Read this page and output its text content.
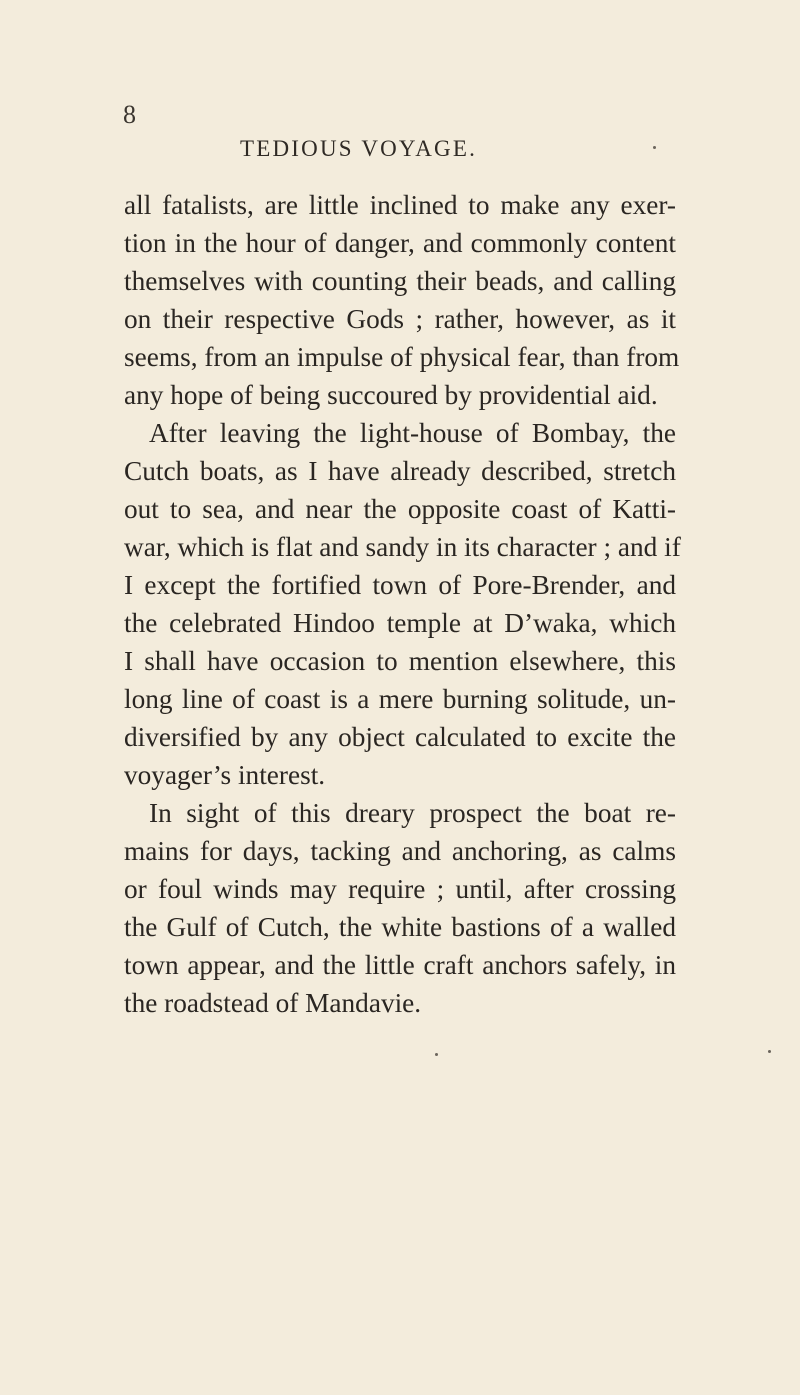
8
TEDIOUS VOYAGE.
all fatalists, are little inclined to make any exer-
tion in the hour of danger, and commonly content
themselves with counting their beads, and calling
on their respective Gods ; rather, however, as it
seems, from an impulse of physical fear, than from
any hope of being succoured by providential aid.
After leaving the light-house of Bombay, the
Cutch boats, as I have already described, stretch
out to sea, and near the opposite coast of Katti-
war, which is flat and sandy in its character ; and if
I except the fortified town of Pore-Brender, and
the celebrated Hindoo temple at D’waka, which
I shall have occasion to mention elsewhere, this
long line of coast is a mere burning solitude, un-
diversified by any object calculated to excite the
voyager’s interest.
In sight of this dreary prospect the boat re-
mains for days, tacking and anchoring, as calms
or foul winds may require ; until, after crossing
the Gulf of Cutch, the white bastions of a walled
town appear, and the little craft anchors safely, in
the roadstead of Mandavie.
